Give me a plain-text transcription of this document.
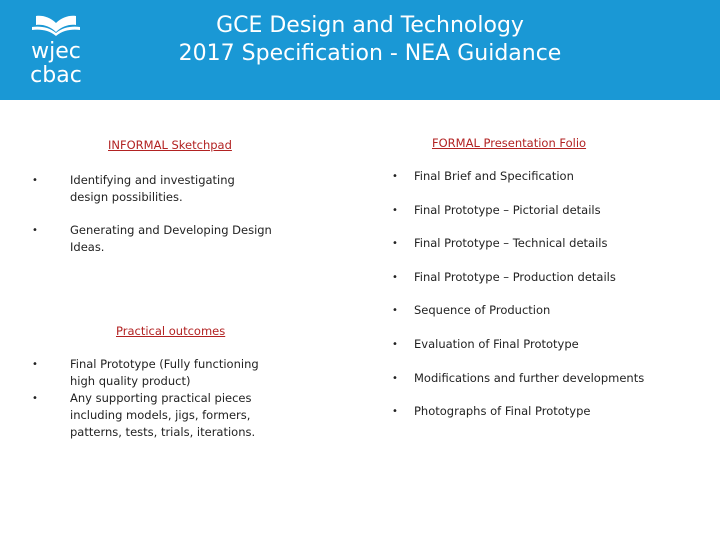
wjec
cbac
GCE Design and Technology
2017 Specification - NEA Guidance
INFORMAL Sketchpad
•	Identifying and investigating design possibilities.
•	Generating and Developing Design Ideas.
Practical outcomes
•	Final Prototype (Fully functioning high quality product)
•	Any supporting practical pieces including models, jigs, formers, patterns, tests, trials, iterations.
FORMAL Presentation Folio
•	Final Brief and Specification
•	Final Prototype – Pictorial details
•	Final Prototype – Technical details
•	Final Prototype – Production details
•	Sequence of Production
•	Evaluation of Final Prototype
•	Modifications and further developments
•	Photographs of Final Prototype
